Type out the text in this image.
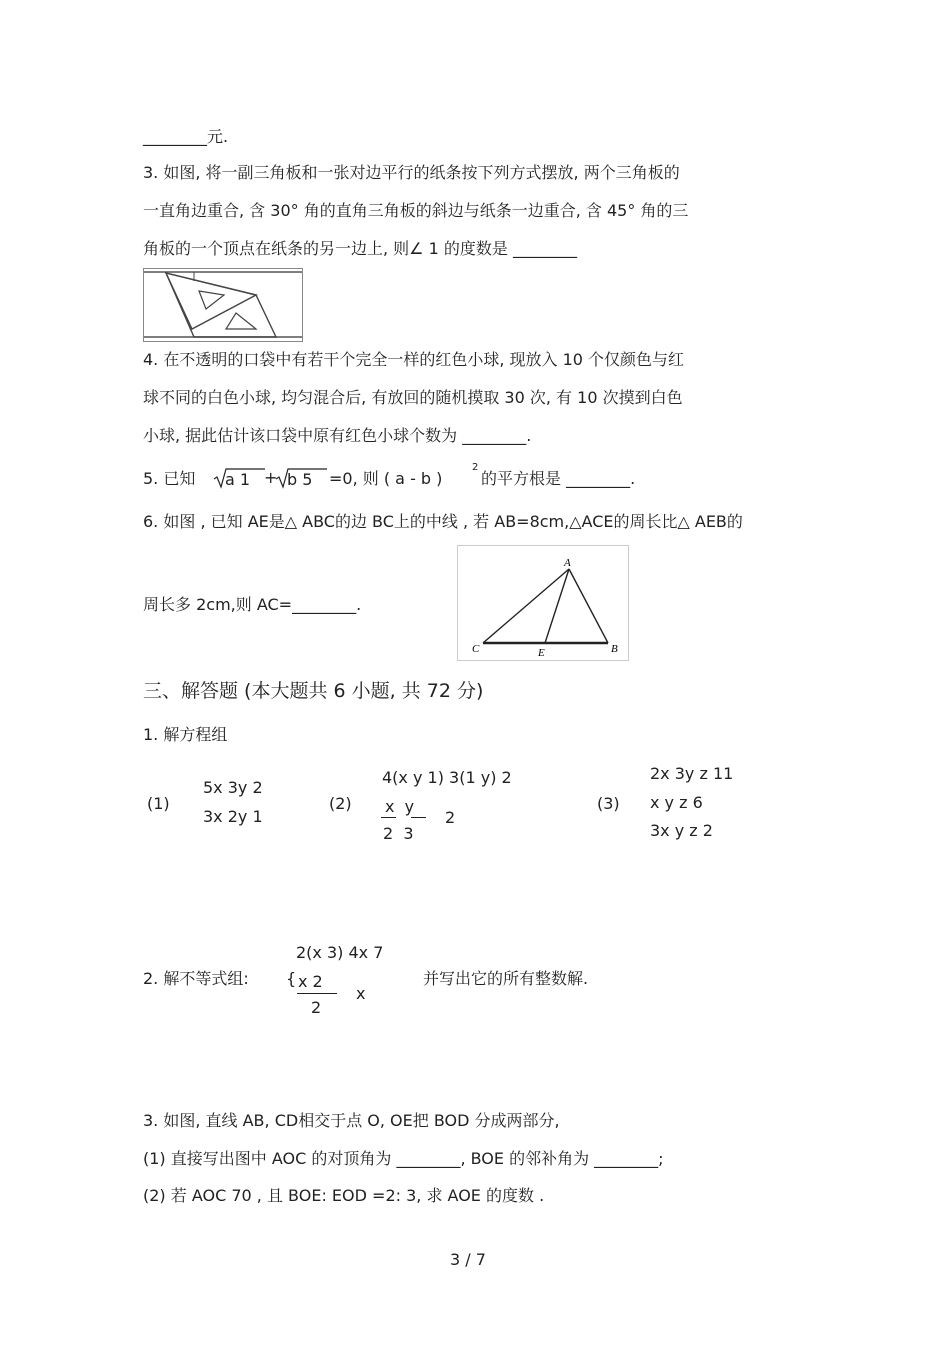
________元.
3. 如图, 将一副三角板和一张对边平行的纸条按下列方式摆放, 两个三角板的
一直角边重合, 含 30° 角的直角三角板的斜边与纸条一边重合, 含 45° 角的三
角板的一个顶点在纸条的另一边上, 则∠ 1 的度数是 ________
4. 在不透明的口袋中有若干个完全一样的红色小球, 现放入 10 个仅颜色与红
球不同的白色小球, 均匀混合后, 有放回的随机摸取 30 次, 有 10 次摸到白色
小球, 据此估计该口袋中原有红色小球个数为 ________.
5. 已知 a 1 + b 5 =0, 则 ( a - b )
2
的平方根是 ________.
6. 如图 , 已知 AE是△ ABC的边 BC上的中线 , 若 AB=8cm,△ACE的周长比△ AEB的
周长多 2cm,则 AC=________.
A
C	E	B
三、解答题 (本大题共 6 小题, 共 72 分)
1. 解方程组
(1)
5x 3y 2
3x 2y 1
(2)
4(x y 1) 3(1 y) 2
x  y
2  3
2
(3)
2x 3y z 11
x y z 6
3x y z 2
2(x 3) 4x 7
2. 解不等式组: { x 2
2
x
并写出它的所有整数解.
3. 如图, 直线 AB, CD相交于点 O, OE把 BOD 分成两部分,
(1) 直接写出图中 AOC 的对顶角为 ________, BOE 的邻补角为 ________;
(2) 若 AOC 70 , 且 BOE: EOD =2: 3, 求 AOE 的度数 .
3 / 7
